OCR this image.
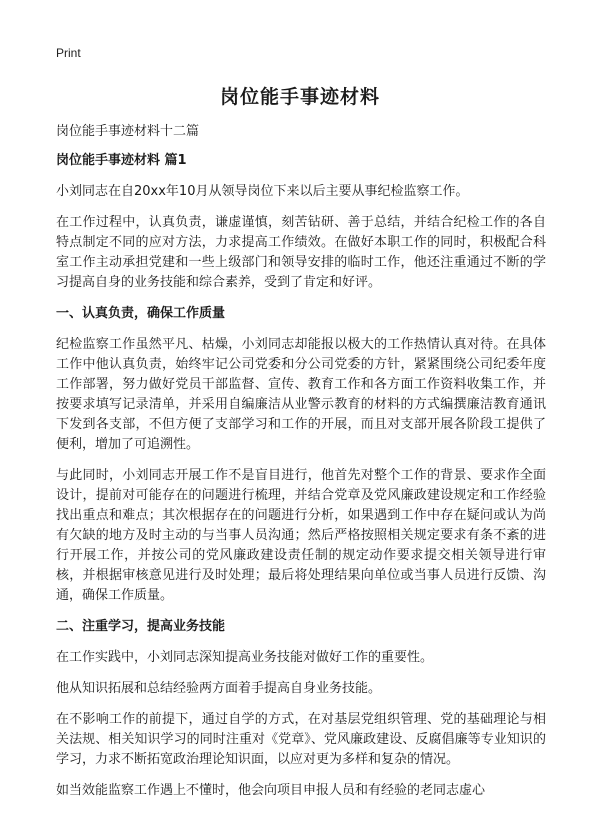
Print
岗位能手事迹材料
岗位能手事迹材料十二篇
岗位能手事迹材料 篇1

小刘同志在自20xx年10月从领导岗位下来以后主要从事纪检监察工作。

在工作过程中，认真负责，谦虚谨慎，刻苦钻研、善于总结，并结合纪检工作的各自特点制定不同的应对方法，力求提高工作绩效。在做好本职工作的同时，积极配合科室工作主动承担党建和一些上级部门和领导安排的临时工作，他还注重通过不断的学习提高自身的业务技能和综合素养，受到了肯定和好评。

一、认真负责，确保工作质量

纪检监察工作虽然平凡、枯燥，小刘同志却能报以极大的工作热情认真对待。在具体工作中他认真负责，始终牢记公司党委和分公司党委的方针，紧紧围绕公司纪委年度工作部署，努力做好党员干部监督、宣传、教育工作和各方面工作资料收集工作，并按要求填写记录清单，并采用自编廉洁从业警示教育的材料的方式编撰廉洁教育通讯下发到各支部，不但方便了支部学习和工作的开展，而且对支部开展各阶段工提供了便利，增加了可追溯性。

与此同时，小刘同志开展工作不是盲目进行，他首先对整个工作的背景、要求作全面设计，提前对可能存在的问题进行梳理，并结合党章及党风廉政建设规定和工作经验找出重点和难点；其次根据存在的问题进行分析，如果遇到工作中存在疑问或认为尚有欠缺的地方及时主动的与当事人员沟通；然后严格按照相关规定要求有条不紊的进行开展工作，并按公司的党风廉政建设责任制的规定动作要求提交相关领导进行审核，并根据审核意见进行及时处理；最后将处理结果向单位或当事人员进行反馈、沟通，确保工作质量。

二、注重学习，提高业务技能

在工作实践中，小刘同志深知提高业务技能对做好工作的重要性。

他从知识拓展和总结经验两方面着手提高自身业务技能。

在不影响工作的前提下，通过自学的方式，在对基层党组织管理、党的基础理论与相关法规、相关知识学习的同时注重对《党章》、党风廉政建设、反腐倡廉等专业知识的学习，力求不断拓宽政治理论知识面，以应对更为多样和复杂的情况。

如当效能监察工作遇上不懂时，他会向项目申报人员和有经验的老同志虚心
